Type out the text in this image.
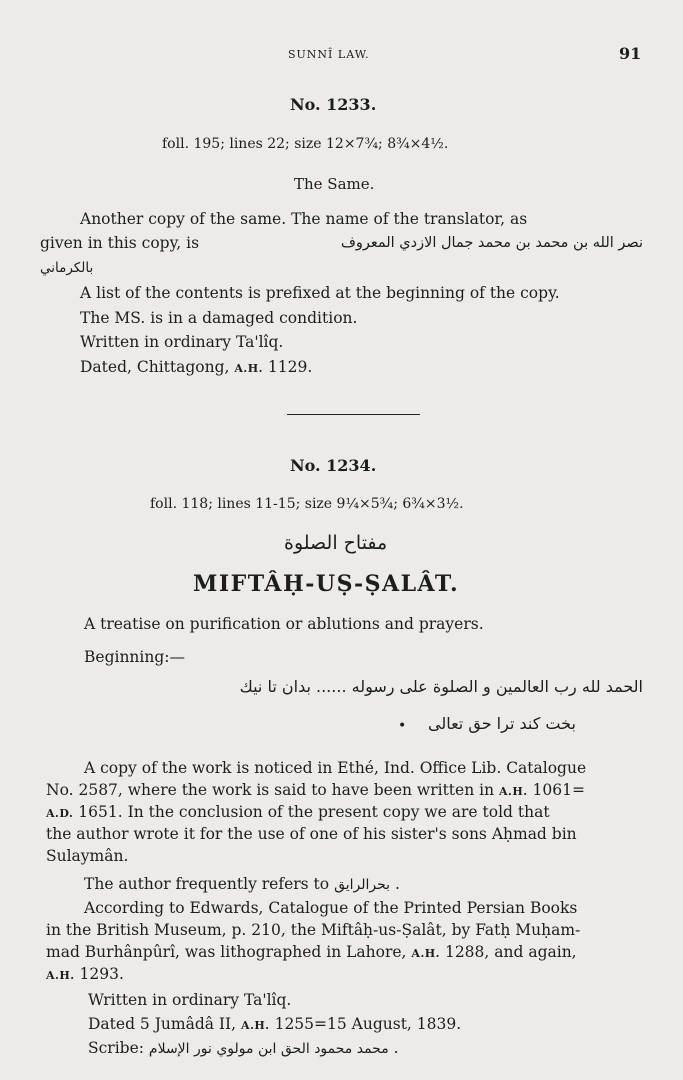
SUNNÎ LAW.	91
No. 1233.
foll. 195; lines 22; size 12×7¾; 8¾×4½.
The Same.
Another copy of the same. The name of the translator, as
given in this copy, is	نصر الله بن محمد بن محمد جمال الازدي المعروف
بالكرماني
A list of the contents is prefixed at the beginning of the copy.
The MS. is in a damaged condition.
Written in ordinary Ta'lîq.
Dated, Chittagong, A.H. 1129.
No. 1234.
foll. 118; lines 11-15; size 9¼×5¾; 6¾×3½.
مفتاح الصلوة
MIFTÂḤ-UṢ-ṢALÂT.
A treatise on purification or ablutions and prayers.
Beginning:—
الحمد لله رب العالمين و الصلوة على رسوله ...... بدان تا نيك
بخت كند ترا حق تعالى
•
A copy of the work is noticed in Ethé, Ind. Office Lib. Catalogue
No. 2587, where the work is said to have been written in A.H. 1061=
A.D. 1651. In the conclusion of the present copy we are told that
the author wrote it for the use of one of his sister's sons Aḥmad bin
Sulaymân.
The author frequently refers to بحرالرايق .
According to Edwards, Catalogue of the Printed Persian Books
in the British Museum, p. 210, the Miftâḥ-us-Ṣalât, by Fatḥ Muḥam-
mad Burhânpûrî, was lithographed in Lahore, A.H. 1288, and again,
A.H. 1293.
Written in ordinary Ta'lîq.
Dated 5 Jumâdâ II, A.H. 1255=15 August, 1839.
Scribe: محمد محمود الحق ابن مولوي نور الإسلام .
